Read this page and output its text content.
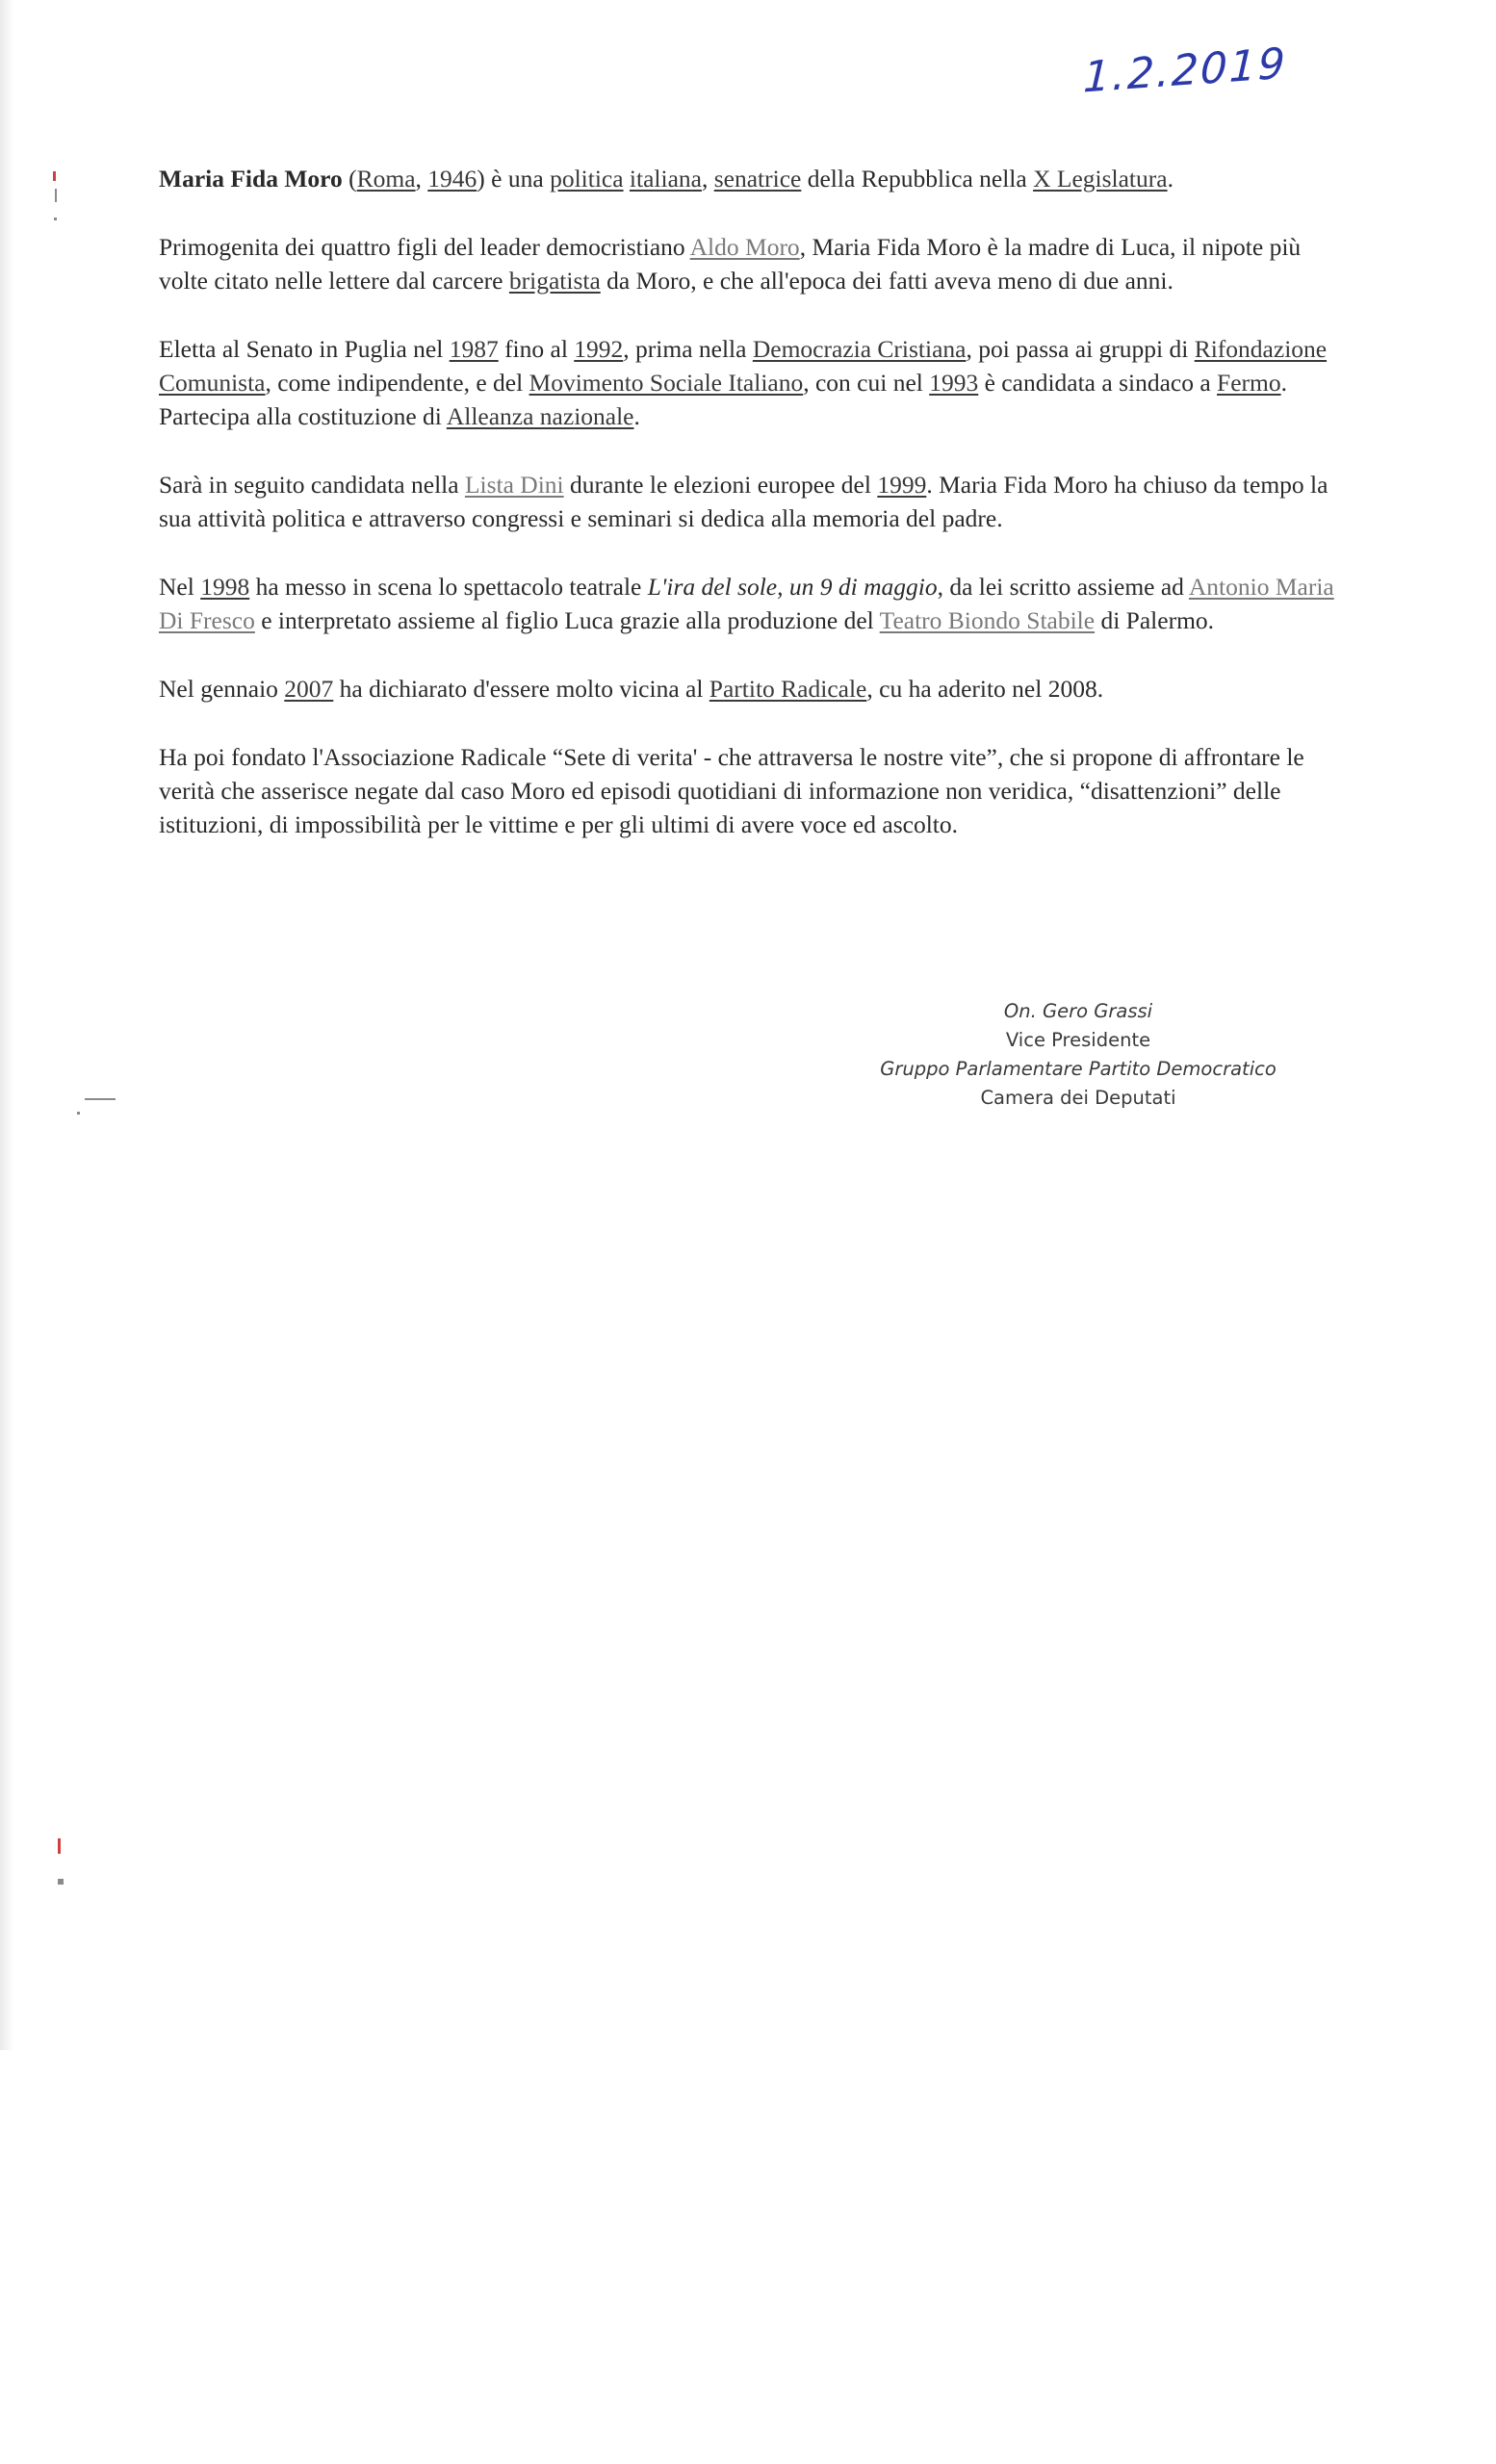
1.2.2019

Maria Fida Moro (Roma, 1946) è una politica italiana, senatrice della Repubblica nella X Legislatura.

Primogenita dei quattro figli del leader democristiano Aldo Moro, Maria Fida Moro è la madre di Luca, il nipote più volte citato nelle lettere dal carcere brigatista da Moro, e che all'epoca dei fatti aveva meno di due anni.

Eletta al Senato in Puglia nel 1987 fino al 1992, prima nella Democrazia Cristiana, poi passa ai gruppi di Rifondazione Comunista, come indipendente, e del Movimento Sociale Italiano, con cui nel 1993 è candidata a sindaco a Fermo. Partecipa alla costituzione di Alleanza nazionale.

Sarà in seguito candidata nella Lista Dini durante le elezioni europee del 1999. Maria Fida Moro ha chiuso da tempo la sua attività politica e attraverso congressi e seminari si dedica alla memoria del padre.

Nel 1998 ha messo in scena lo spettacolo teatrale L'ira del sole, un 9 di maggio, da lei scritto assieme ad Antonio Maria Di Fresco e interpretato assieme al figlio Luca grazie alla produzione del Teatro Biondo Stabile di Palermo.

Nel gennaio 2007 ha dichiarato d'essere molto vicina al Partito Radicale, cu ha aderito nel 2008.

Ha poi fondato l'Associazione Radicale “Sete di verita' - che attraversa le nostre vite”, che si propone di affrontare le verità che asserisce negate dal caso Moro ed episodi quotidiani di informazione non veridica, “disattenzioni” delle istituzioni, di impossibilità per le vittime e per gli ultimi di avere voce ed ascolto.

On. Gero Grassi
Vice Presidente
Gruppo Parlamentare Partito Democratico
Camera dei Deputati
